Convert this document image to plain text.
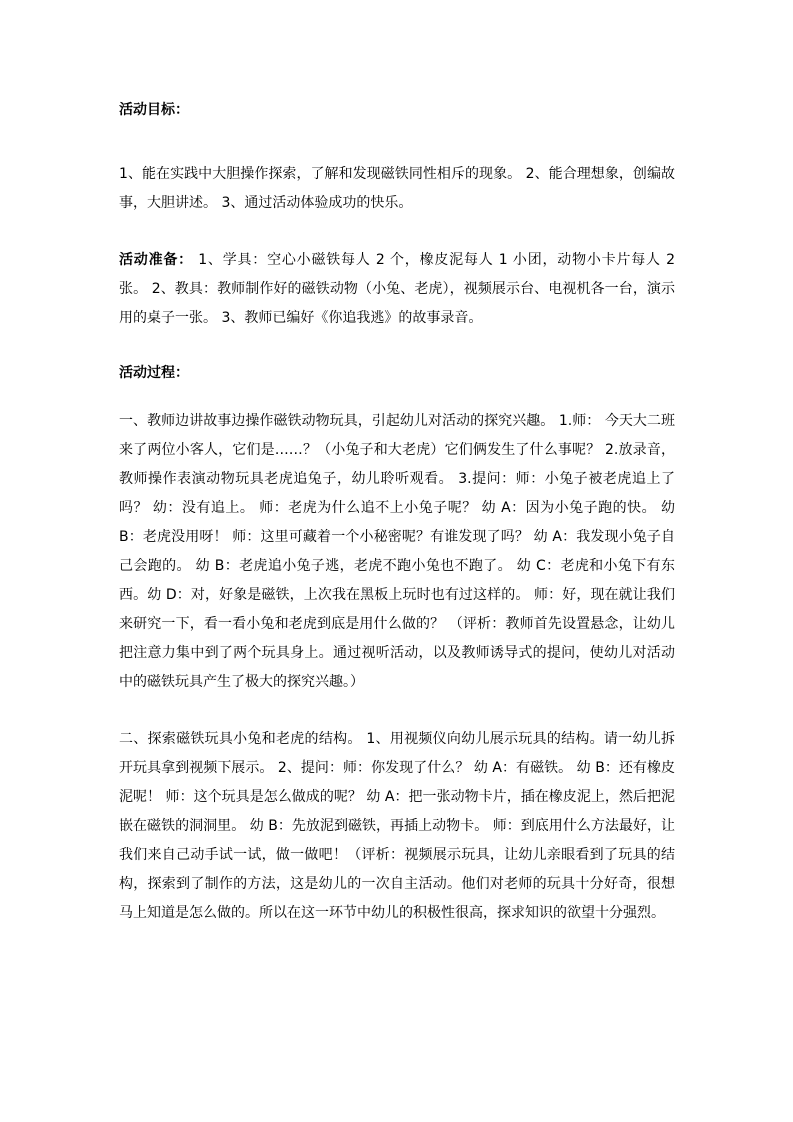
活动目标：

1、能在实践中大胆操作探索，了解和发现磁铁同性相斥的现象。 2、能合理想象，创编故事，大胆讲述。 3、通过活动体验成功的快乐。

活动准备： 1、学具：空心小磁铁每人 2 个，橡皮泥每人 1 小团，动物小卡片每人 2 张。 2、教具：教师制作好的磁铁动物（小兔、老虎），视频展示台、电视机各一台，演示用的桌子一张。 3、教师已编好《你追我逃》的故事录音。

活动过程：

一、教师边讲故事边操作磁铁动物玩具，引起幼儿对活动的探究兴趣。 1.师： 今天大二班来了两位小客人，它们是……？（小兔子和大老虎）它们俩发生了什么事呢？ 2.放录音，教师操作表演动物玩具老虎追兔子，幼儿聆听观看。 3.提问：师：小兔子被老虎追上了吗？ 幼：没有追上。 师：老虎为什么追不上小兔子呢？ 幼 A：因为小兔子跑的快。 幼 B：老虎没用呀！ 师：这里可藏着一个小秘密呢？有谁发现了吗？ 幼 A：我发现小兔子自己会跑的。 幼 B：老虎追小兔子逃，老虎不跑小兔也不跑了。 幼 C：老虎和小兔下有东西。幼 D：对，好象是磁铁，上次我在黑板上玩时也有过这样的。 师：好，现在就让我们来研究一下，看一看小兔和老虎到底是用什么做的？ （评析：教师首先设置悬念，让幼儿把注意力集中到了两个玩具身上。通过视听活动，以及教师诱导式的提问，使幼儿对活动中的磁铁玩具产生了极大的探究兴趣。）

二、探索磁铁玩具小兔和老虎的结构。 1、用视频仪向幼儿展示玩具的结构。请一幼儿拆开玩具拿到视频下展示。 2、提问：师：你发现了什么？ 幼 A：有磁铁。 幼 B：还有橡皮泥呢！ 师：这个玩具是怎么做成的呢？ 幼 A：把一张动物卡片，插在橡皮泥上，然后把泥嵌在磁铁的洞洞里。 幼 B：先放泥到磁铁，再插上动物卡。 师：到底用什么方法最好，让我们来自己动手试一试，做一做吧！（评析：视频展示玩具，让幼儿亲眼看到了玩具的结构，探索到了制作的方法，这是幼儿的一次自主活动。他们对老师的玩具十分好奇，很想马上知道是怎么做的。所以在这一环节中幼儿的积极性很高，探求知识的欲望十分强烈。
